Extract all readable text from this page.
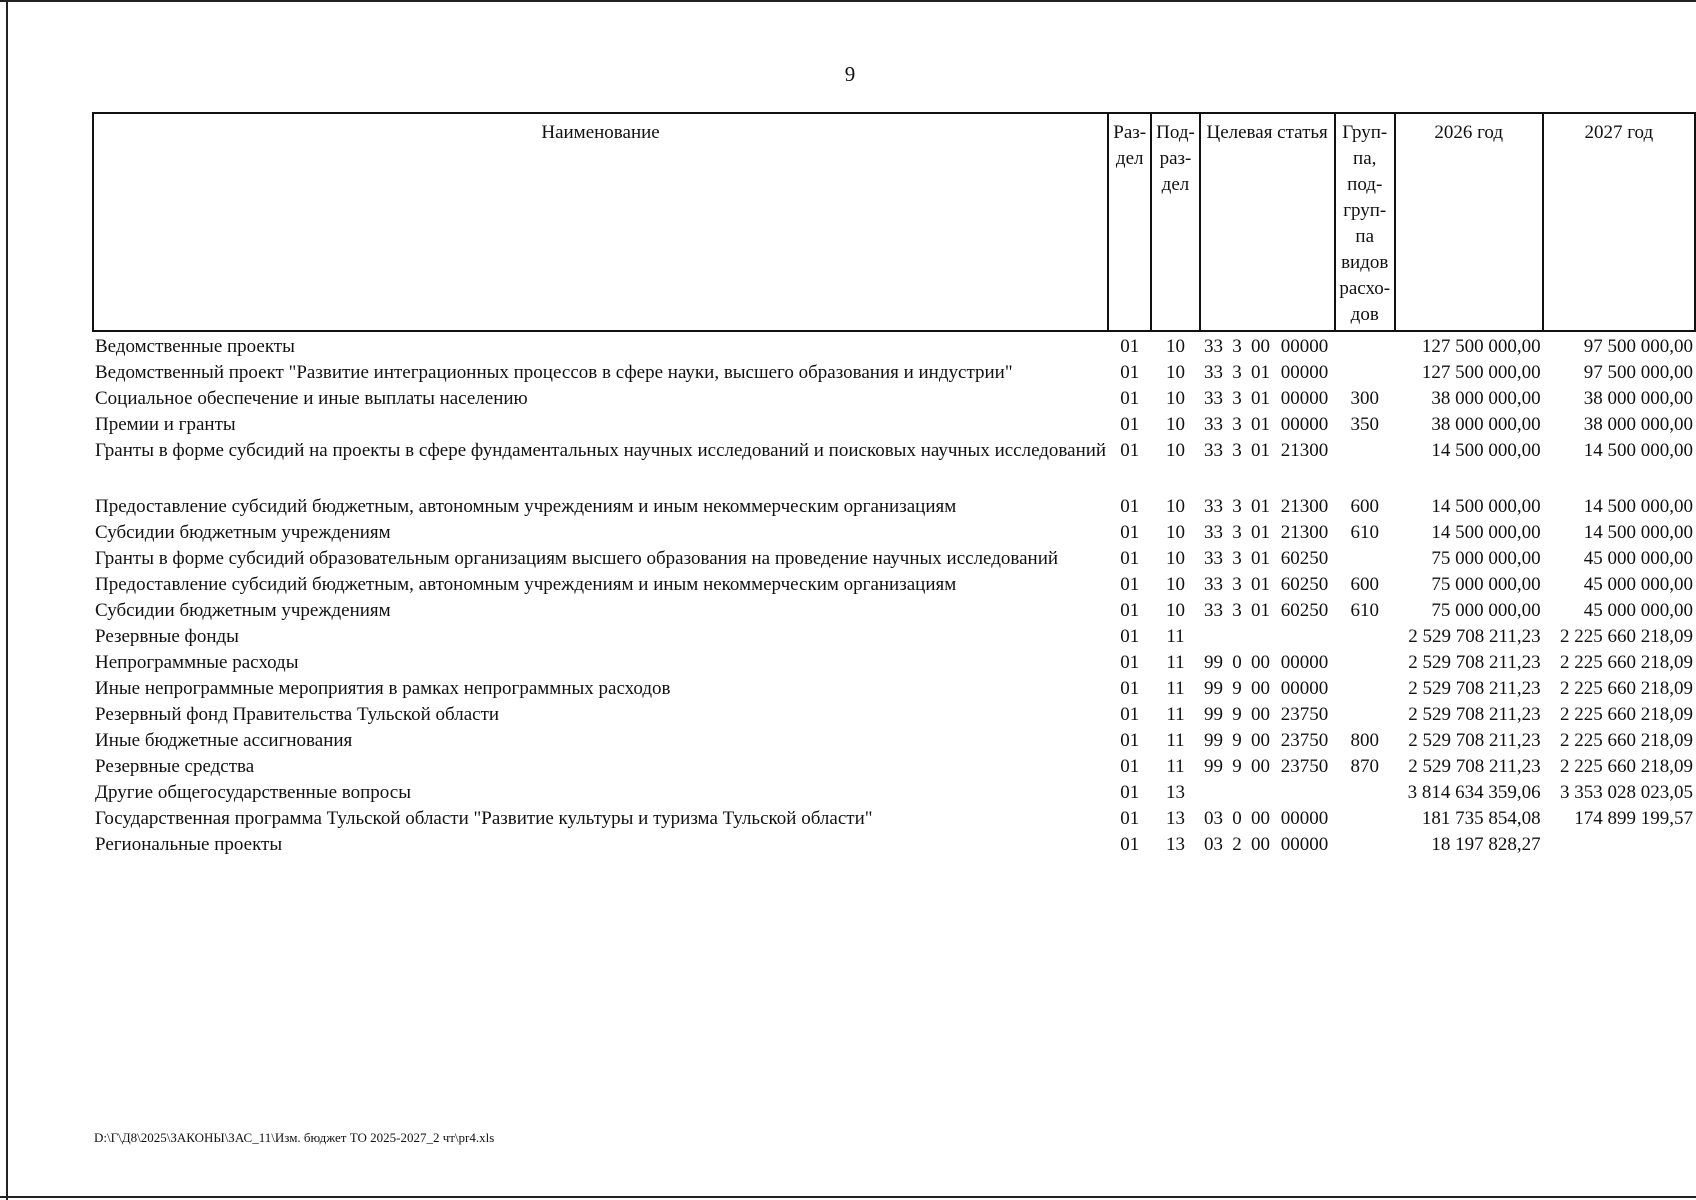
9
Наименование	Раз-дел	Под-раз-дел	Целевая статья				Груп-па, под-груп-па видов расхо-дов	2026 год	2027 год
Ведомственные проекты	01	10	33	3	00	00000		127 500 000,00	97 500 000,00
Ведомственный проект "Развитие интеграционных процессов в сфере науки, высшего образования и индустрии"	01	10	33	3	01	00000		127 500 000,00	97 500 000,00
Социальное обеспечение и иные выплаты населению	01	10	33	3	01	00000	300	38 000 000,00	38 000 000,00
Премии и гранты	01	10	33	3	01	00000	350	38 000 000,00	38 000 000,00
Гранты в форме субсидий на проекты в сфере фундаментальных научных исследований и поисковых научных исследований	01	10	33	3	01	21300		14 500 000,00	14 500 000,00
Предоставление субсидий бюджетным, автономным учреждениям и иным некоммерческим организациям	01	10	33	3	01	21300	600	14 500 000,00	14 500 000,00
Субсидии бюджетным учреждениям	01	10	33	3	01	21300	610	14 500 000,00	14 500 000,00
Гранты в форме субсидий образовательным организациям высшего образования на проведение научных исследований	01	10	33	3	01	60250		75 000 000,00	45 000 000,00
Предоставление субсидий бюджетным, автономным учреждениям и иным некоммерческим организациям	01	10	33	3	01	60250	600	75 000 000,00	45 000 000,00
Субсидии бюджетным учреждениям	01	10	33	3	01	60250	610	75 000 000,00	45 000 000,00
Резервные фонды	01	11						2 529 708 211,23	2 225 660 218,09
Непрограммные расходы	01	11	99	0	00	00000		2 529 708 211,23	2 225 660 218,09
Иные непрограммные мероприятия в рамках непрограммных расходов	01	11	99	9	00	00000		2 529 708 211,23	2 225 660 218,09
Резервный фонд Правительства Тульской области	01	11	99	9	00	23750		2 529 708 211,23	2 225 660 218,09
Иные бюджетные ассигнования	01	11	99	9	00	23750	800	2 529 708 211,23	2 225 660 218,09
Резервные средства	01	11	99	9	00	23750	870	2 529 708 211,23	2 225 660 218,09
Другие общегосударственные вопросы	01	13						3 814 634 359,06	3 353 028 023,05
Государственная программа Тульской области "Развитие культуры и туризма Тульской области"	01	13	03	0	00	00000		181 735 854,08	174 899 199,57
Региональные проекты	01	13	03	2	00	00000		18 197 828,27	
D:\Г\Д8\2025\ЗАКОНЫ\ЗАС_11\Изм. бюджет ТО 2025-2027_2 чт\pr4.xls
